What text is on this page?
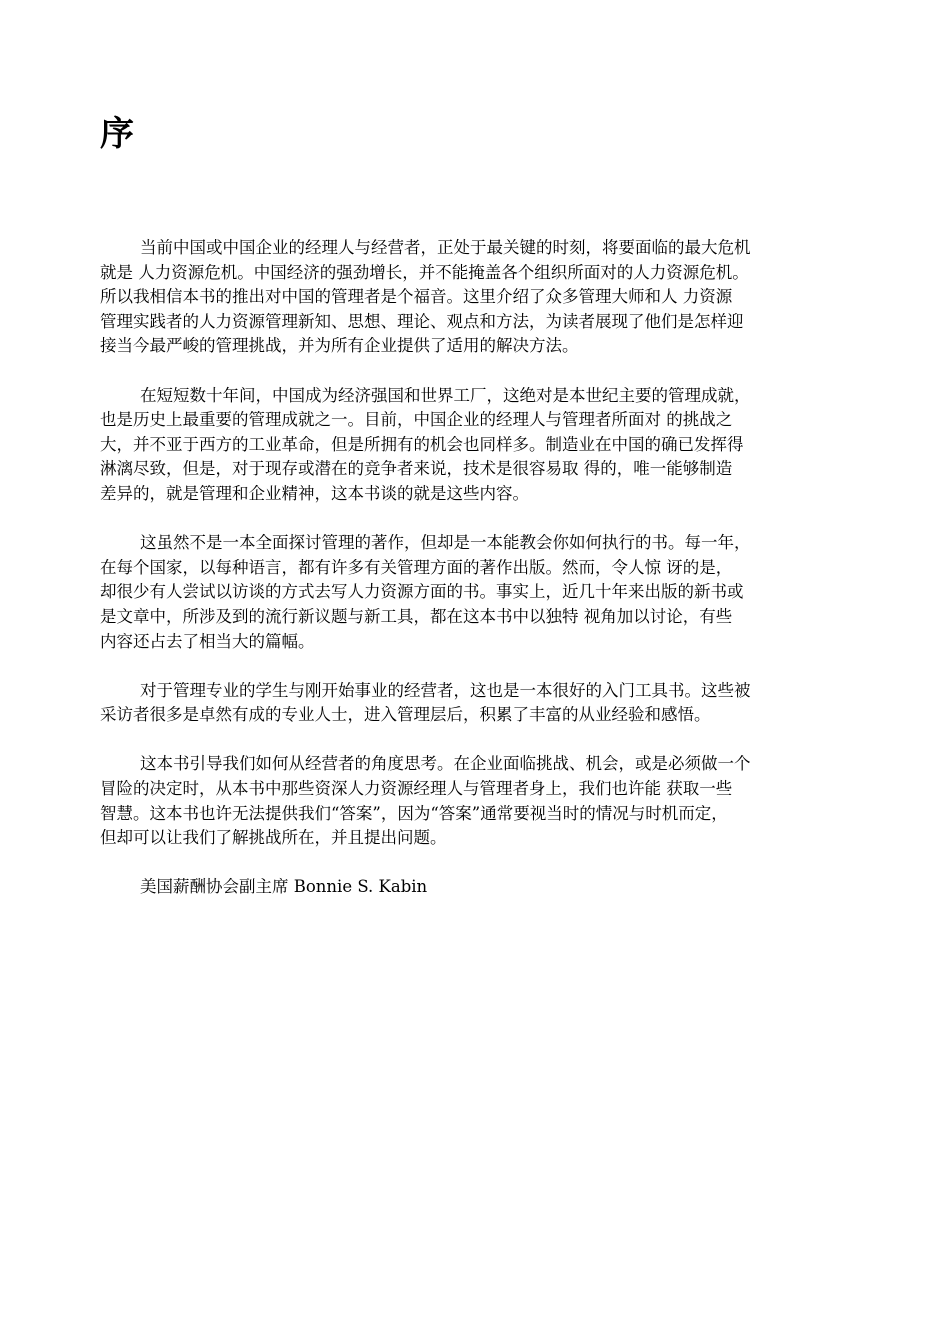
序

当前中国或中国企业的经理人与经营者，正处于最关键的时刻，将要面临的最大危机
就是 人力资源危机。中国经济的强劲增长，并不能掩盖各个组织所面对的人力资源危机。
所以我相信本书的推出对中国的管理者是个福音。这里介绍了众多管理大师和人 力资源
管理实践者的人力资源管理新知、思想、理论、观点和方法，为读者展现了他们是怎样迎
接当今最严峻的管理挑战，并为所有企业提供了适用的解决方法。

在短短数十年间，中国成为经济强国和世界工厂，这绝对是本世纪主要的管理成就，
也是历史上最重要的管理成就之一。目前，中国企业的经理人与管理者所面对 的挑战之
大，并不亚于西方的工业革命，但是所拥有的机会也同样多。制造业在中国的确已发挥得
淋漓尽致，但是，对于现存或潜在的竞争者来说，技术是很容易取 得的，唯一能够制造
差异的，就是管理和企业精神，这本书谈的就是这些内容。

这虽然不是一本全面探讨管理的著作，但却是一本能教会你如何执行的书。每一年，
在每个国家，以每种语言，都有许多有关管理方面的著作出版。然而，令人惊 讶的是，
却很少有人尝试以访谈的方式去写人力资源方面的书。事实上，近几十年来出版的新书或
是文章中，所涉及到的流行新议题与新工具，都在这本书中以独特 视角加以讨论，有些
内容还占去了相当大的篇幅。

对于管理专业的学生与刚开始事业的经营者，这也是一本很好的入门工具书。这些被
采访者很多是卓然有成的专业人士，进入管理层后，积累了丰富的从业经验和感悟。

这本书引导我们如何从经营者的角度思考。在企业面临挑战、机会，或是必须做一个
冒险的决定时，从本书中那些资深人力资源经理人与管理者身上，我们也许能 获取一些
智慧。这本书也许无法提供我们“答案”，因为“答案”通常要视当时的情况与时机而定，
但却可以让我们了解挑战所在，并且提出问题。

美国薪酬协会副主席 Bonnie S. Kabin
